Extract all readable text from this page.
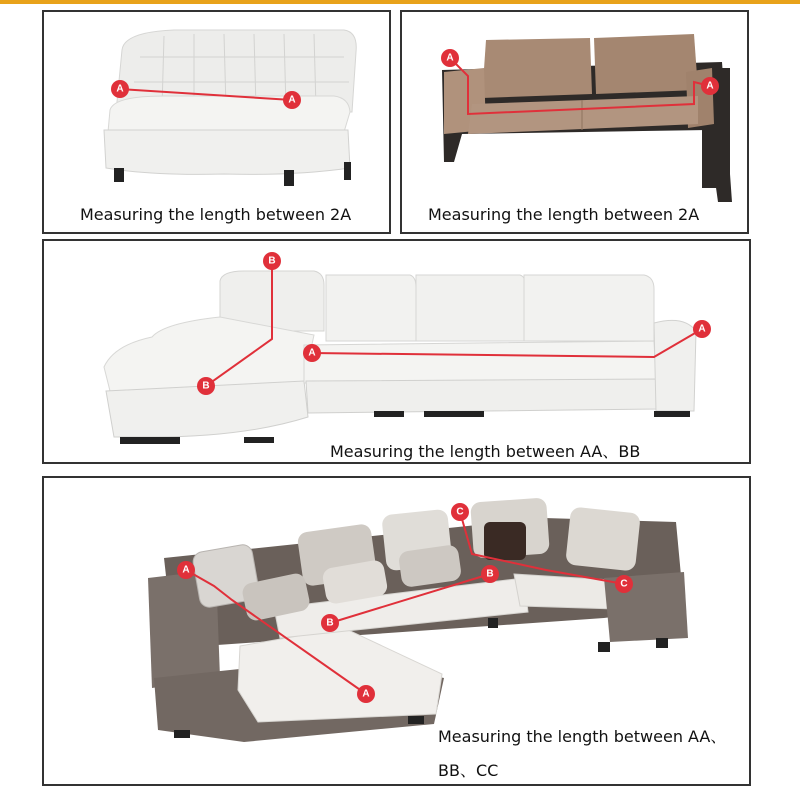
A
A
Measuring the length between 2A
A
A
Measuring the length between 2A
B
B
A
A
Measuring the length between AA、BB
A
A
B
B
C
C
Measuring the length between AA、
BB、CC
